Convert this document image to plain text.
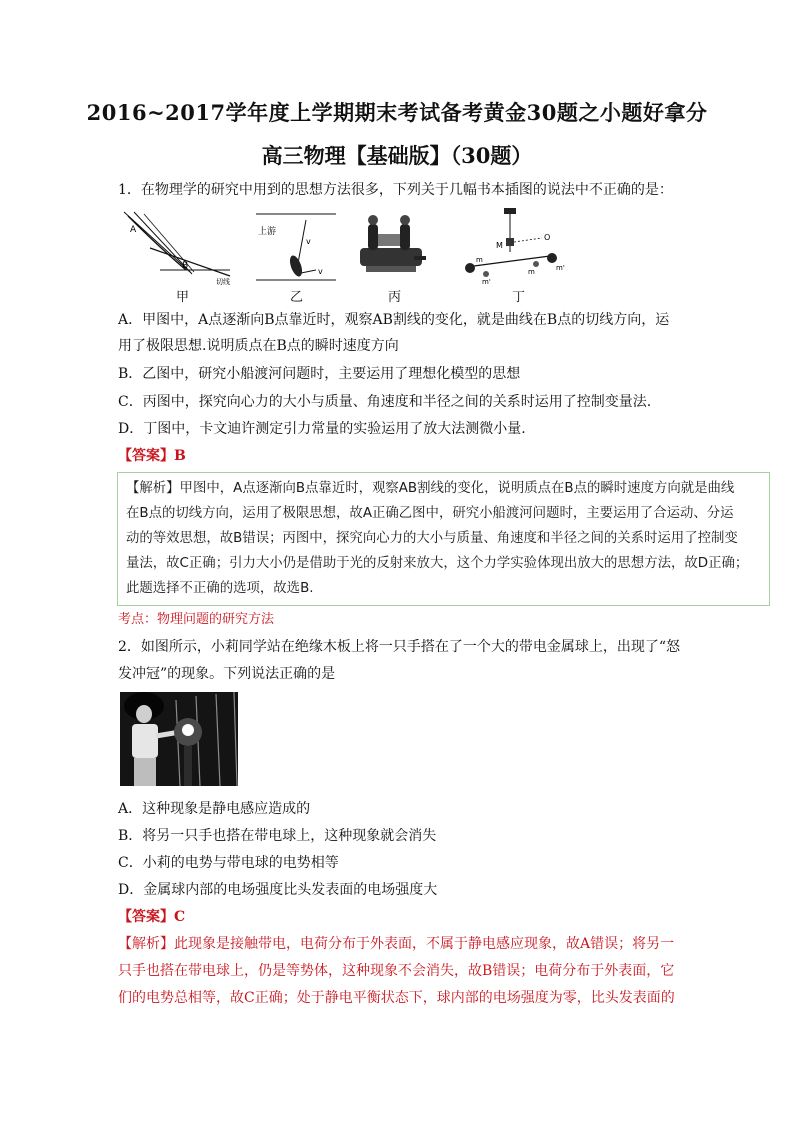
2016~2017学年度上学期期末考试备考黄金30题之小题好拿分
高三物理【基础版】（30题）
1．在物理学的研究中用到的思想方法很多，下列关于几幅书本插图的说法中不正确的是：
A
B
切线
甲
上游
v
v
乙	丙
M
O
m
m'
m	m'
丁
A．甲图中，A点逐渐向B点靠近时，观察AB割线的变化，就是曲线在B点的切线方向，运
用了极限思想.说明质点在B点的瞬时速度方向
B．乙图中，研究小船渡河问题时，主要运用了理想化模型的思想
C．丙图中，探究向心力的大小与质量、角速度和半径之间的关系时运用了控制变量法.
D．丁图中，卡文迪许测定引力常量的实验运用了放大法测微小量.
【答案】B
【解析】甲图中，A点逐渐向B点靠近时，观察AB割线的变化，说明质点在B点的瞬时速度方向就是曲线
在B点的切线方向，运用了极限思想，故A正确乙图中，研究小船渡河问题时，主要运用了合运动、分运
动的等效思想，故B错误；丙图中，探究向心力的大小与质量、角速度和半径之间的关系时运用了控制变
量法，故C正确；引力大小仍是借助于光的反射来放大，这个力学实验体现出放大的思想方法，故D正确；
此题选择不正确的选项，故选B.
考点：物理问题的研究方法
2．如图所示，小莉同学站在绝缘木板上将一只手搭在了一个大的带电金属球上，出现了“怒
发冲冠”的现象。下列说法正确的是
A．这种现象是静电感应造成的
B．将另一只手也搭在带电球上，这种现象就会消失
C．小莉的电势与带电球的电势相等
D．金属球内部的电场强度比头发表面的电场强度大
【答案】C
【解析】此现象是接触带电，电荷分布于外表面，不属于静电感应现象，故A错误；将另一
只手也搭在带电球上，仍是等势体，这种现象不会消失，故B错误；电荷分布于外表面，它
们的电势总相等，故C正确；处于静电平衡状态下，球内部的电场强度为零，比头发表面的
